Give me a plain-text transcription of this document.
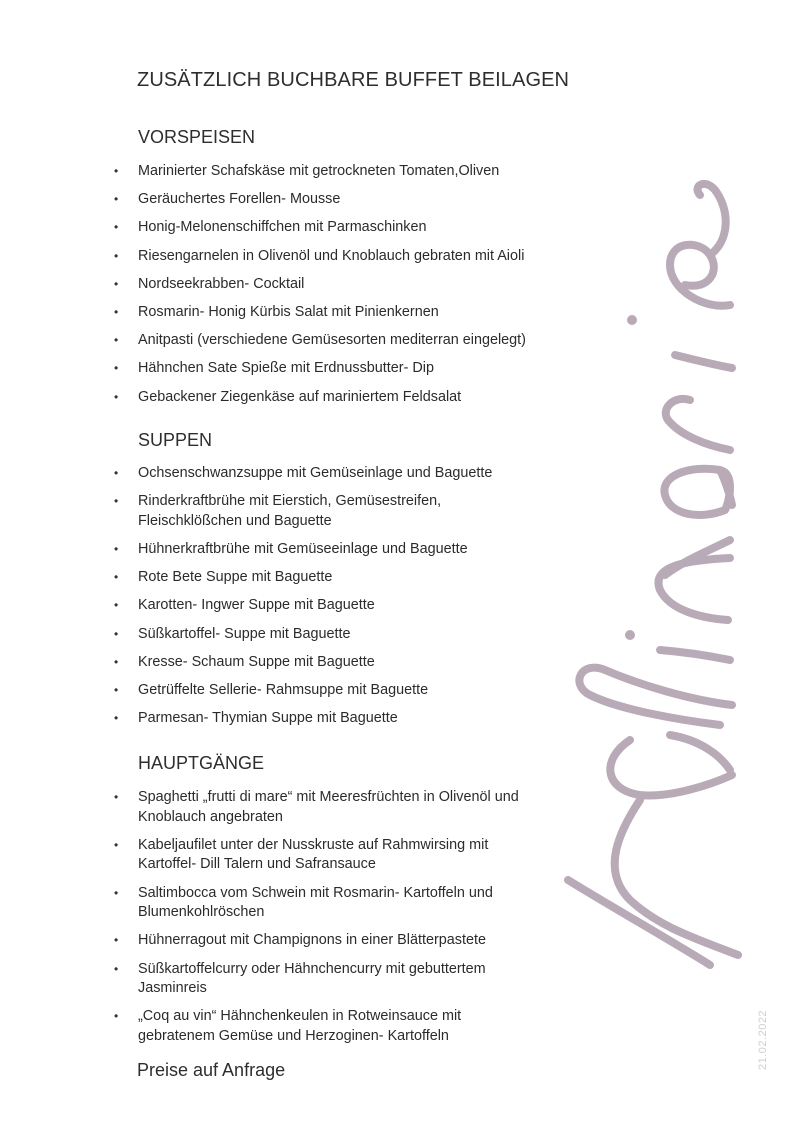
ZUSÄTZLICH BUCHBARE BUFFET BEILAGEN
VORSPEISEN
• Marinierter Schafskäse mit getrockneten Tomaten,Oliven
• Geräuchertes Forellen- Mousse
• Honig-Melonenschiffchen mit Parmaschinken
• Riesengarnelen in Olivenöl und Knoblauch gebraten mit Aioli
• Nordseekrabben- Cocktail
• Rosmarin- Honig Kürbis Salat mit Pinienkernen
• Anitpasti (verschiedene Gemüsesorten mediterran eingelegt)
• Hähnchen Sate Spieße mit Erdnussbutter- Dip
• Gebackener Ziegenkäse auf mariniertem Feldsalat
SUPPEN
• Ochsenschwanzsuppe mit Gemüseinlage und Baguette
• Rinderkraftbrühe mit Eierstich, Gemüsestreifen, Fleischklößchen und Baguette
• Hühnerkraftbrühe mit Gemüseeinlage und Baguette
• Rote Bete Suppe mit Baguette
• Karotten- Ingwer Suppe mit Baguette
• Süßkartoffel- Suppe mit Baguette
• Kresse- Schaum Suppe mit Baguette
• Getrüffelte Sellerie- Rahmsuppe mit Baguette
• Parmesan- Thymian Suppe mit Baguette
HAUPTGÄNGE
• Spaghetti „frutti di mare“ mit Meeresfrüchten in Olivenöl und Knoblauch angebraten
• Kabeljaufilet unter der Nusskruste auf Rahmwirsing mit Kartoffel- Dill Talern und Safransauce
• Saltimbocca vom Schwein mit Rosmarin- Kartoffeln und Blumenkohlröschen
• Hühnerragout mit Champignons in einer Blätterpastete
• Süßkartoffelcurry oder Hähnchencurry mit gebuttertem Jasminreis
• „Coq au vin“ Hähnchenkeulen in Rotweinsauce mit gebratenem Gemüse und Herzoginen- Kartoffeln

Preise auf Anfrage	21.02.2022
